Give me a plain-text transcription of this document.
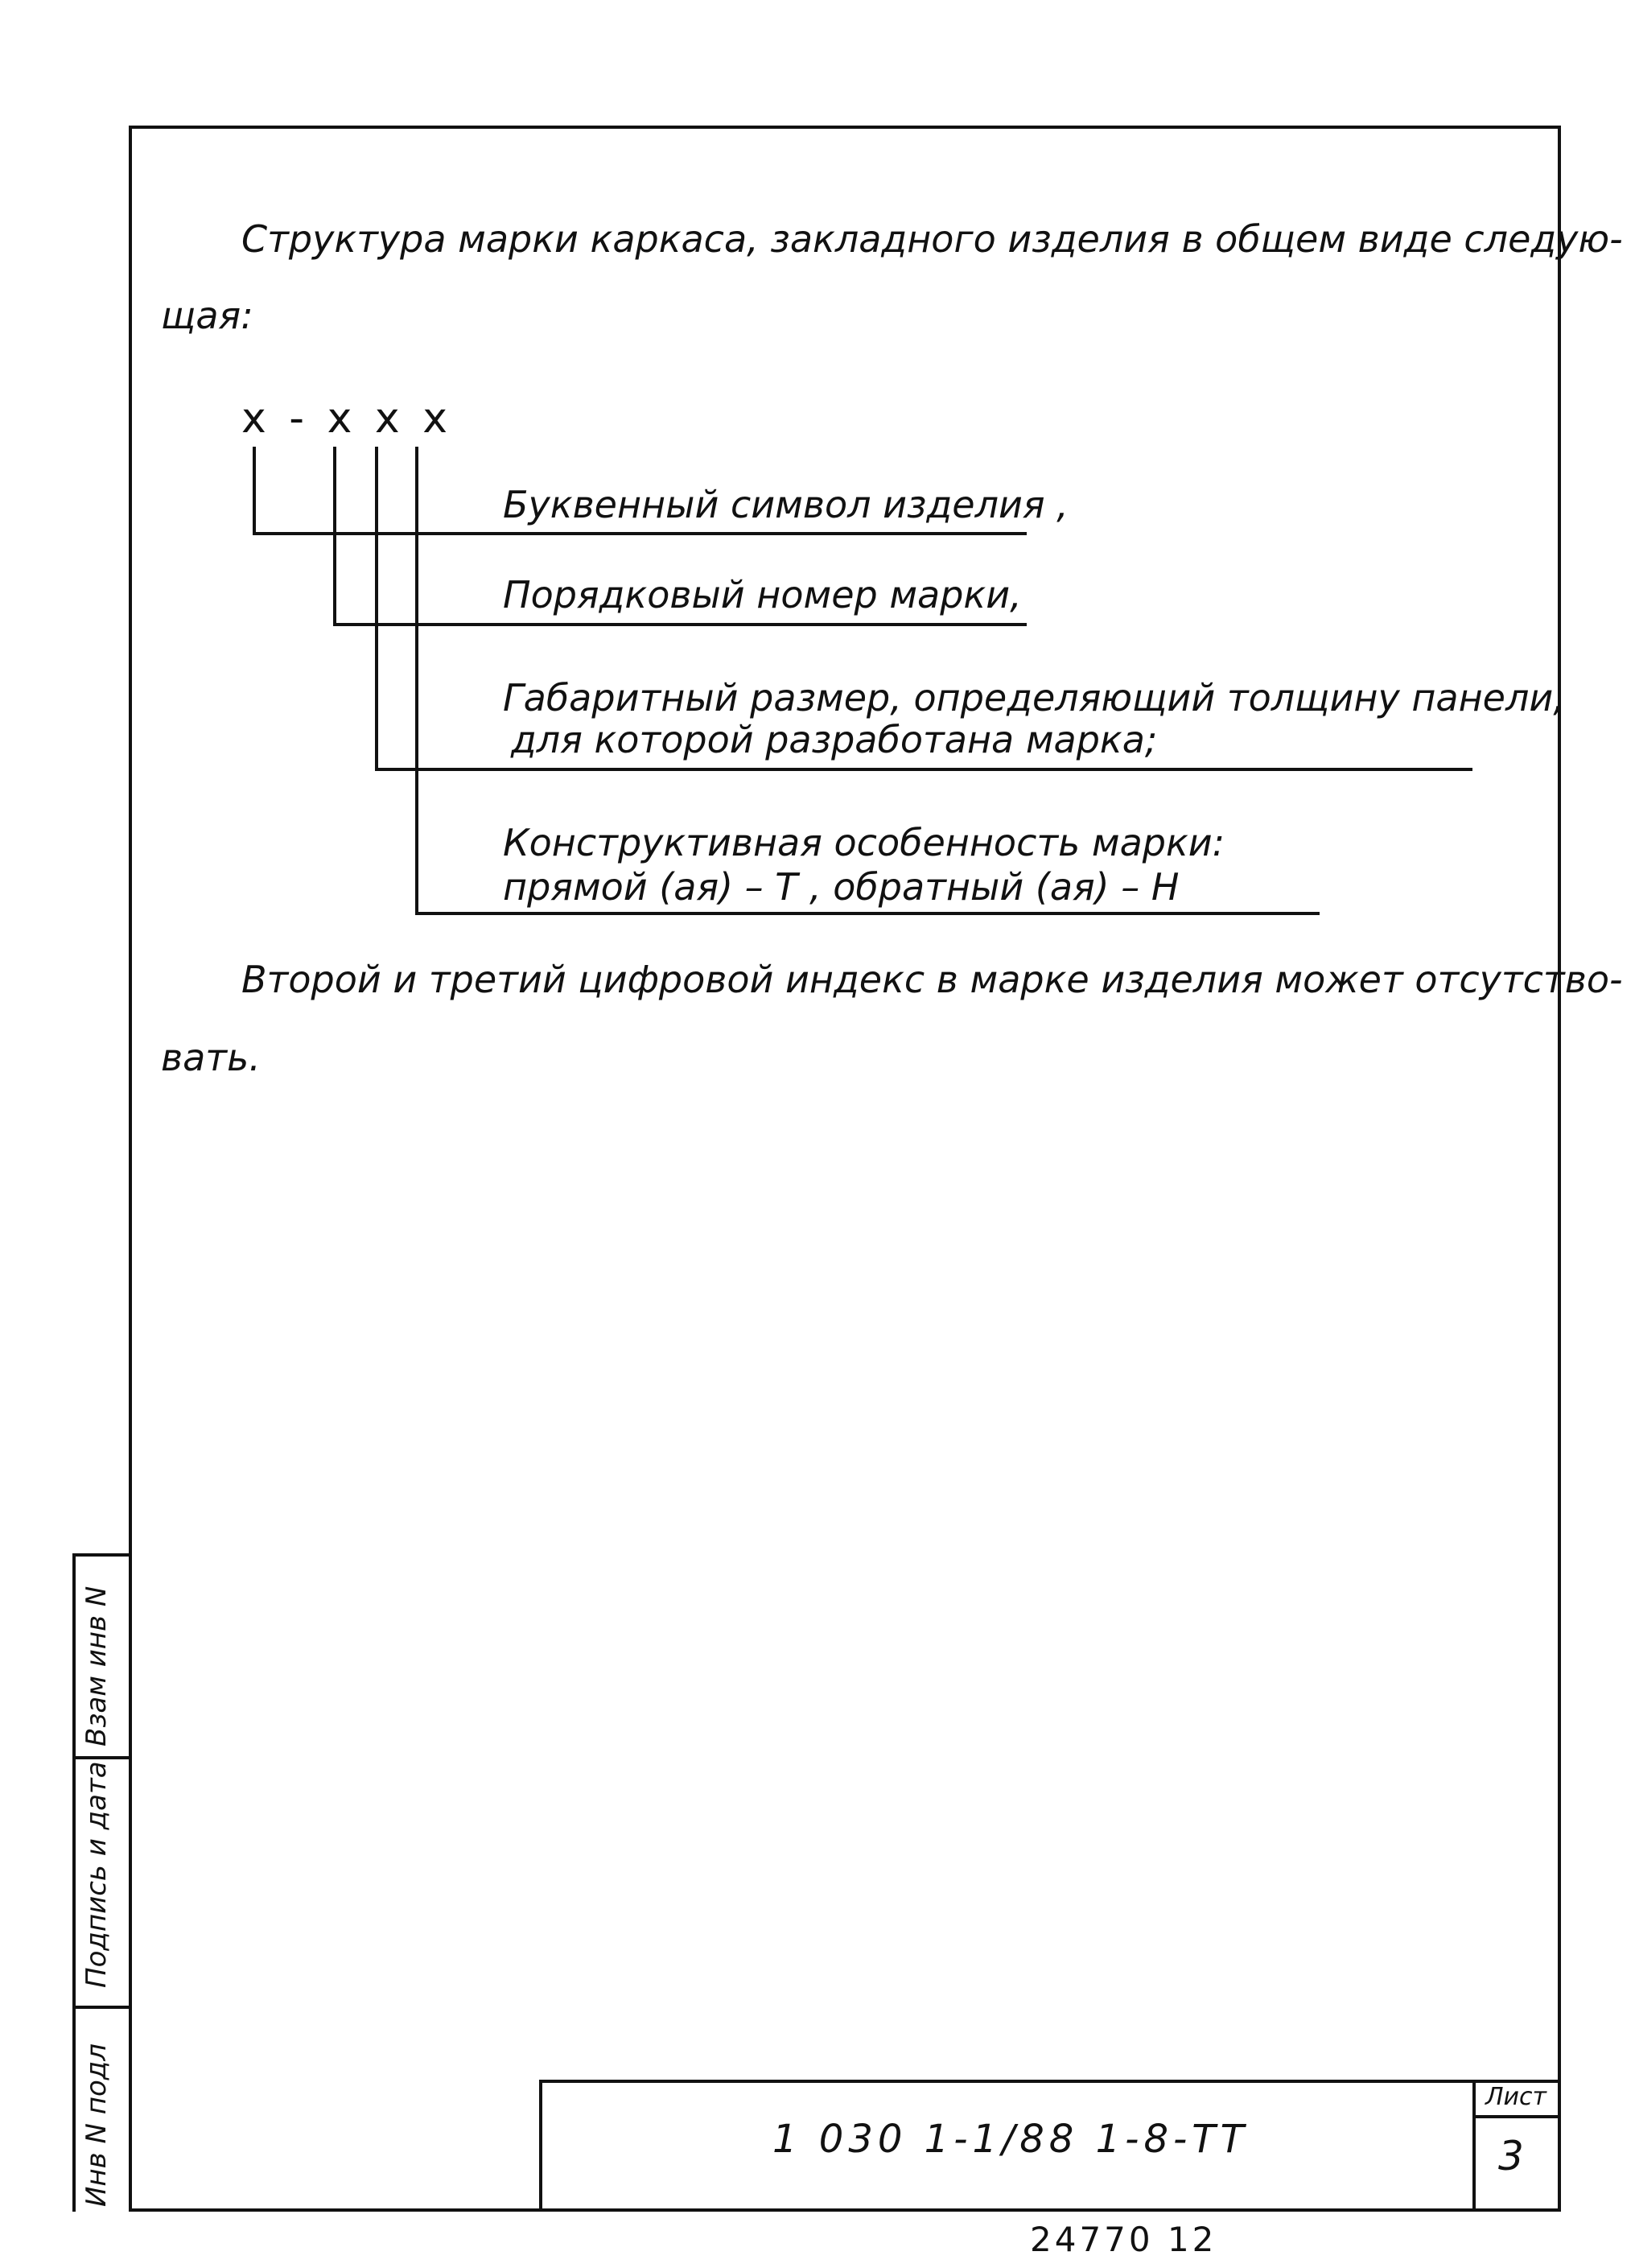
Структура марки каркаса, закладного изделия в общем виде следую-
щая:
x - x x x
Буквенный символ изделия ,
Порядковый номер марки,
Габаритный размер, определяющий толщину панели,
для которой разработана марка;
Конструктивная особенность марки:
прямой (ая) – Т , обратный (ая) – Н
Второй и третий цифровой индекс в марке изделия может отсутство-
вать.
Взам инв N
Подпись и дата
Инв N подл	1 030 1-1/88 1-8-ТТ
Лист
3
24770 12
